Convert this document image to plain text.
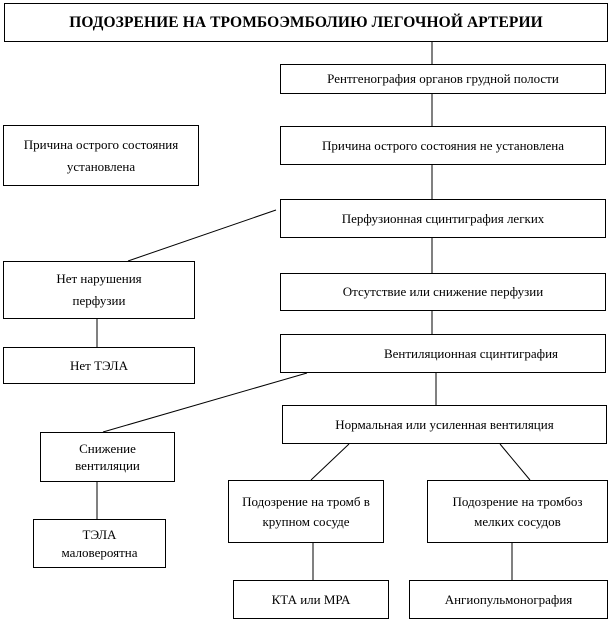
ПОДОЗРЕНИЕ НА ТРОМБОЭМБОЛИЮ ЛЕГОЧНОЙ АРТЕРИИ
Рентгенография органов грудной полости
Причина острого состояния установлена
Причина острого состояния не установлена
Перфузионная сцинтиграфия легких
Нет нарушения перфузии
Нет ТЭЛА
Отсутствие или снижение перфузии
Вентиляционная сцинтиграфия
Снижение вентиляции
ТЭЛА маловероятна
Нормальная или усиленная вентиляция
Подозрение на тромб в крупном сосуде
Подозрение на тромбоз мелких сосудов
КТА или МРА	Ангиопульмонография
